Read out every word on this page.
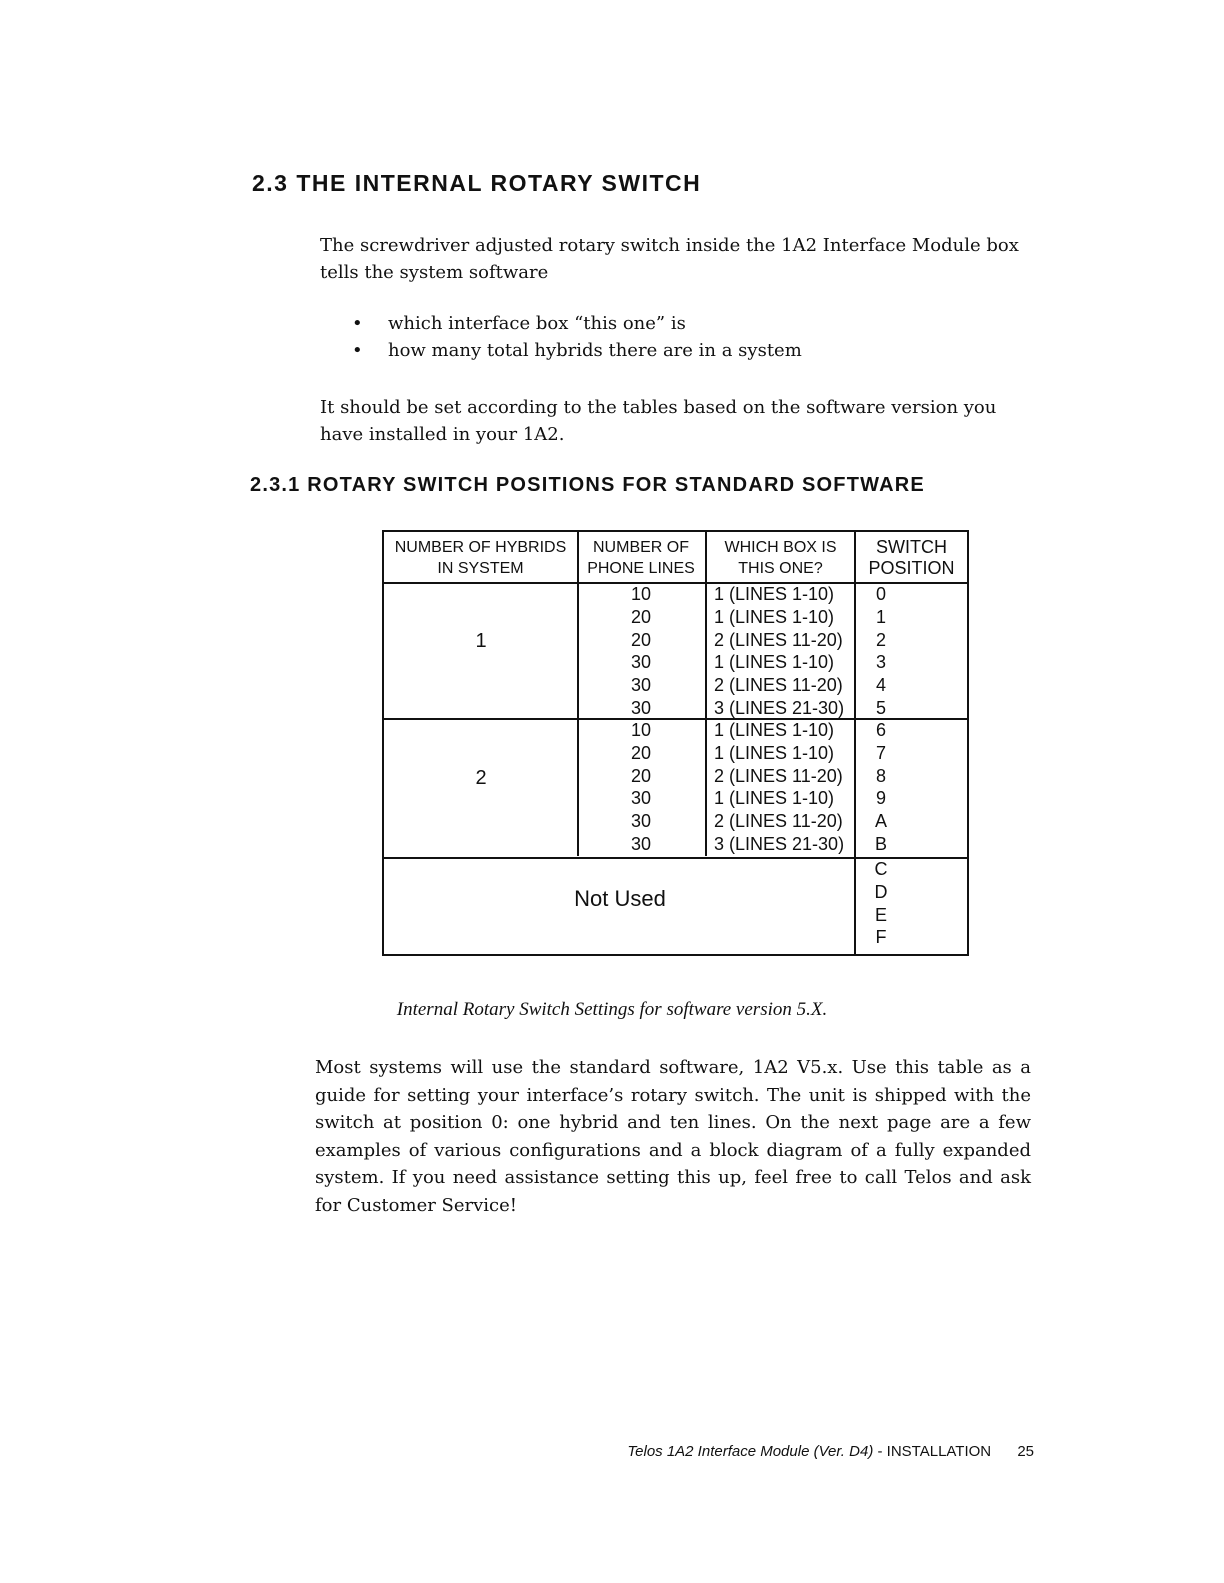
2.3 THE INTERNAL ROTARY SWITCH

The screwdriver adjusted rotary switch inside the 1A2 Interface Module box tells the system software

• which interface box “this one” is
• how many total hybrids there are in a system

It should be set according to the tables based on the software version you have installed in your 1A2.

2.3.1 ROTARY SWITCH POSITIONS FOR STANDARD SOFTWARE
NUMBER OF HYBRIDS
IN SYSTEM
NUMBER OF
PHONE LINES
WHICH BOX IS
THIS ONE?
SWITCH
POSITION
1
10
20
20
30
30
30
1 (LINES 1-10)
1 (LINES 1-10)
2 (LINES 11-20)
1 (LINES 1-10)
2 (LINES 11-20)
3 (LINES 21-30)
0
1
2
3
4
5
2
10
20
20
30
30
30
1 (LINES 1-10)
1 (LINES 1-10)
2 (LINES 11-20)
1 (LINES 1-10)
2 (LINES 11-20)
3 (LINES 21-30)
6
7
8
9
A
B
Not Used
C
D
E
F
Internal Rotary Switch Settings for software version 5.X.

Most systems will use the standard software, 1A2 V5.x. Use this table as a guide for setting your interface’s rotary switch. The unit is shipped with the switch at position 0: one hybrid and ten lines. On the next page are a few examples of various configurations and a block diagram of a fully expanded system. If you need assistance setting this up, feel free to call Telos and ask for Customer Service!

Telos 1A2 Interface Module (Ver. D4) - INSTALLATION 25
